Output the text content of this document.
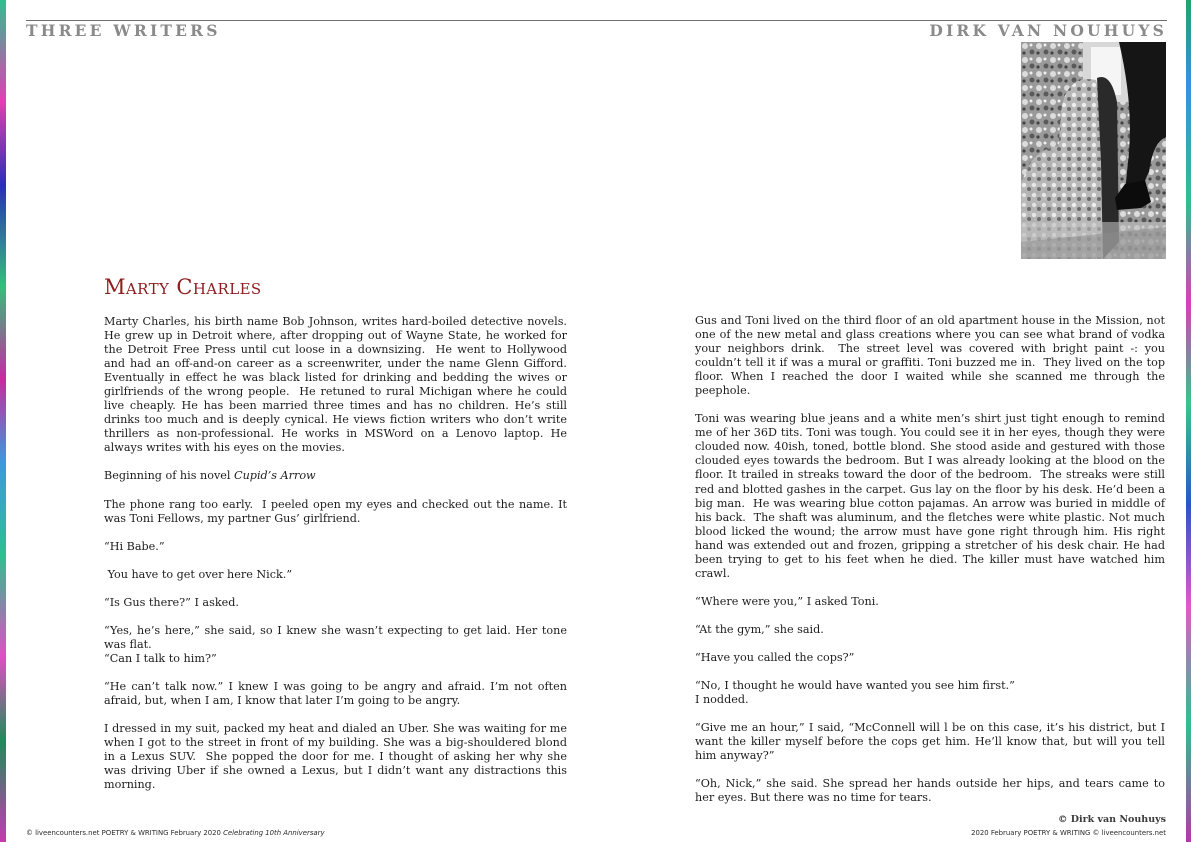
THREE WRITERS	DIRK VAN NOUHUYS
Marty Charles

Marty Charles, his birth name Bob Johnson, writes hard-boiled detective novels. He grew up in Detroit where, after dropping out of Wayne State, he worked for the Detroit Free Press until cut loose in a downsizing.  He went to Hollywood and had an off-and-on career as a screenwriter, under the name Glenn Gifford.  Eventually in effect he was black listed for drinking and bedding the wives or girlfriends of the wrong people.  He retuned to rural Michigan where he could live cheaply. He has been married three times and has no children. He’s still drinks too much and is deeply cynical. He views fiction writers who don’t write thrillers as non-professional. He works in MSWord on a Lenovo laptop. He always writes with his eyes on the movies.

Beginning of his novel Cupid’s Arrow

The phone rang too early.  I peeled open my eyes and checked out the name. It was Toni Fellows, my partner Gus’ girlfriend.

“Hi Babe.”

You have to get over here Nick.”

“Is Gus there?” I asked.

“Yes, he’s here,” she said, so I knew she wasn’t expecting to get laid. Her tone was flat.

“Can I talk to him?”

“He can’t talk now.” I knew I was going to be angry and afraid. I’m not often afraid, but, when I am, I know that later I’m going to be angry.

I dressed in my suit, packed my heat and dialed an Uber. She was waiting for me when I got to the street in front of my building. She was a big-shouldered blond in a Lexus SUV.  She popped the door for me. I thought of asking her why she was driving Uber if she owned a Lexus, but I didn’t want any distractions this morning.

Gus and Toni lived on the third floor of an old apartment house in the Mission, not one of the new metal and glass creations where you can see what brand of vodka your neighbors drink.  The street level was covered with bright paint -: you couldn’t tell it if was a mural or graffiti. Toni buzzed me in.  They lived on the top floor. When I reached the door I waited while she scanned me through the peephole.

Toni was wearing blue jeans and a white men’s shirt just tight enough to remind me of her 36D tits. Toni was tough. You could see it in her eyes, though they were clouded now. 40ish, toned, bottle blond. She stood aside and gestured with those clouded eyes towards the bedroom. But I was already looking at the blood on the floor. It trailed in streaks toward the door of the bedroom.  The streaks were still red and blotted gashes in the carpet. Gus lay on the floor by his desk. He’d been a big man.  He was wearing blue cotton pajamas. An arrow was buried in middle of his back.  The shaft was aluminum, and the fletches were white plastic. Not much blood licked the wound; the arrow must have gone right through him. His right hand was extended out and frozen, gripping a stretcher of his desk chair. He had been trying to get to his feet when he died. The killer must have watched him crawl.

“Where were you,” I asked Toni.

“At the gym,” she said.

“Have you called the cops?”

“No, I thought he would have wanted you see him first.”

I nodded.

“Give me an hour,” I said, “McConnell will l be on this case, it’s his district, but I want the killer myself before the cops get him. He’ll know that, but will you tell him anyway?”

“Oh, Nick,” she said. She spread her hands outside her hips, and tears came to her eyes. But there was no time for tears.

© liveencounters.net POETRY & WRITING February 2020 Celebrating 10th Anniversary
© Dirk van Nouhuys
2020 February POETRY & WRITING © liveencounters.net
